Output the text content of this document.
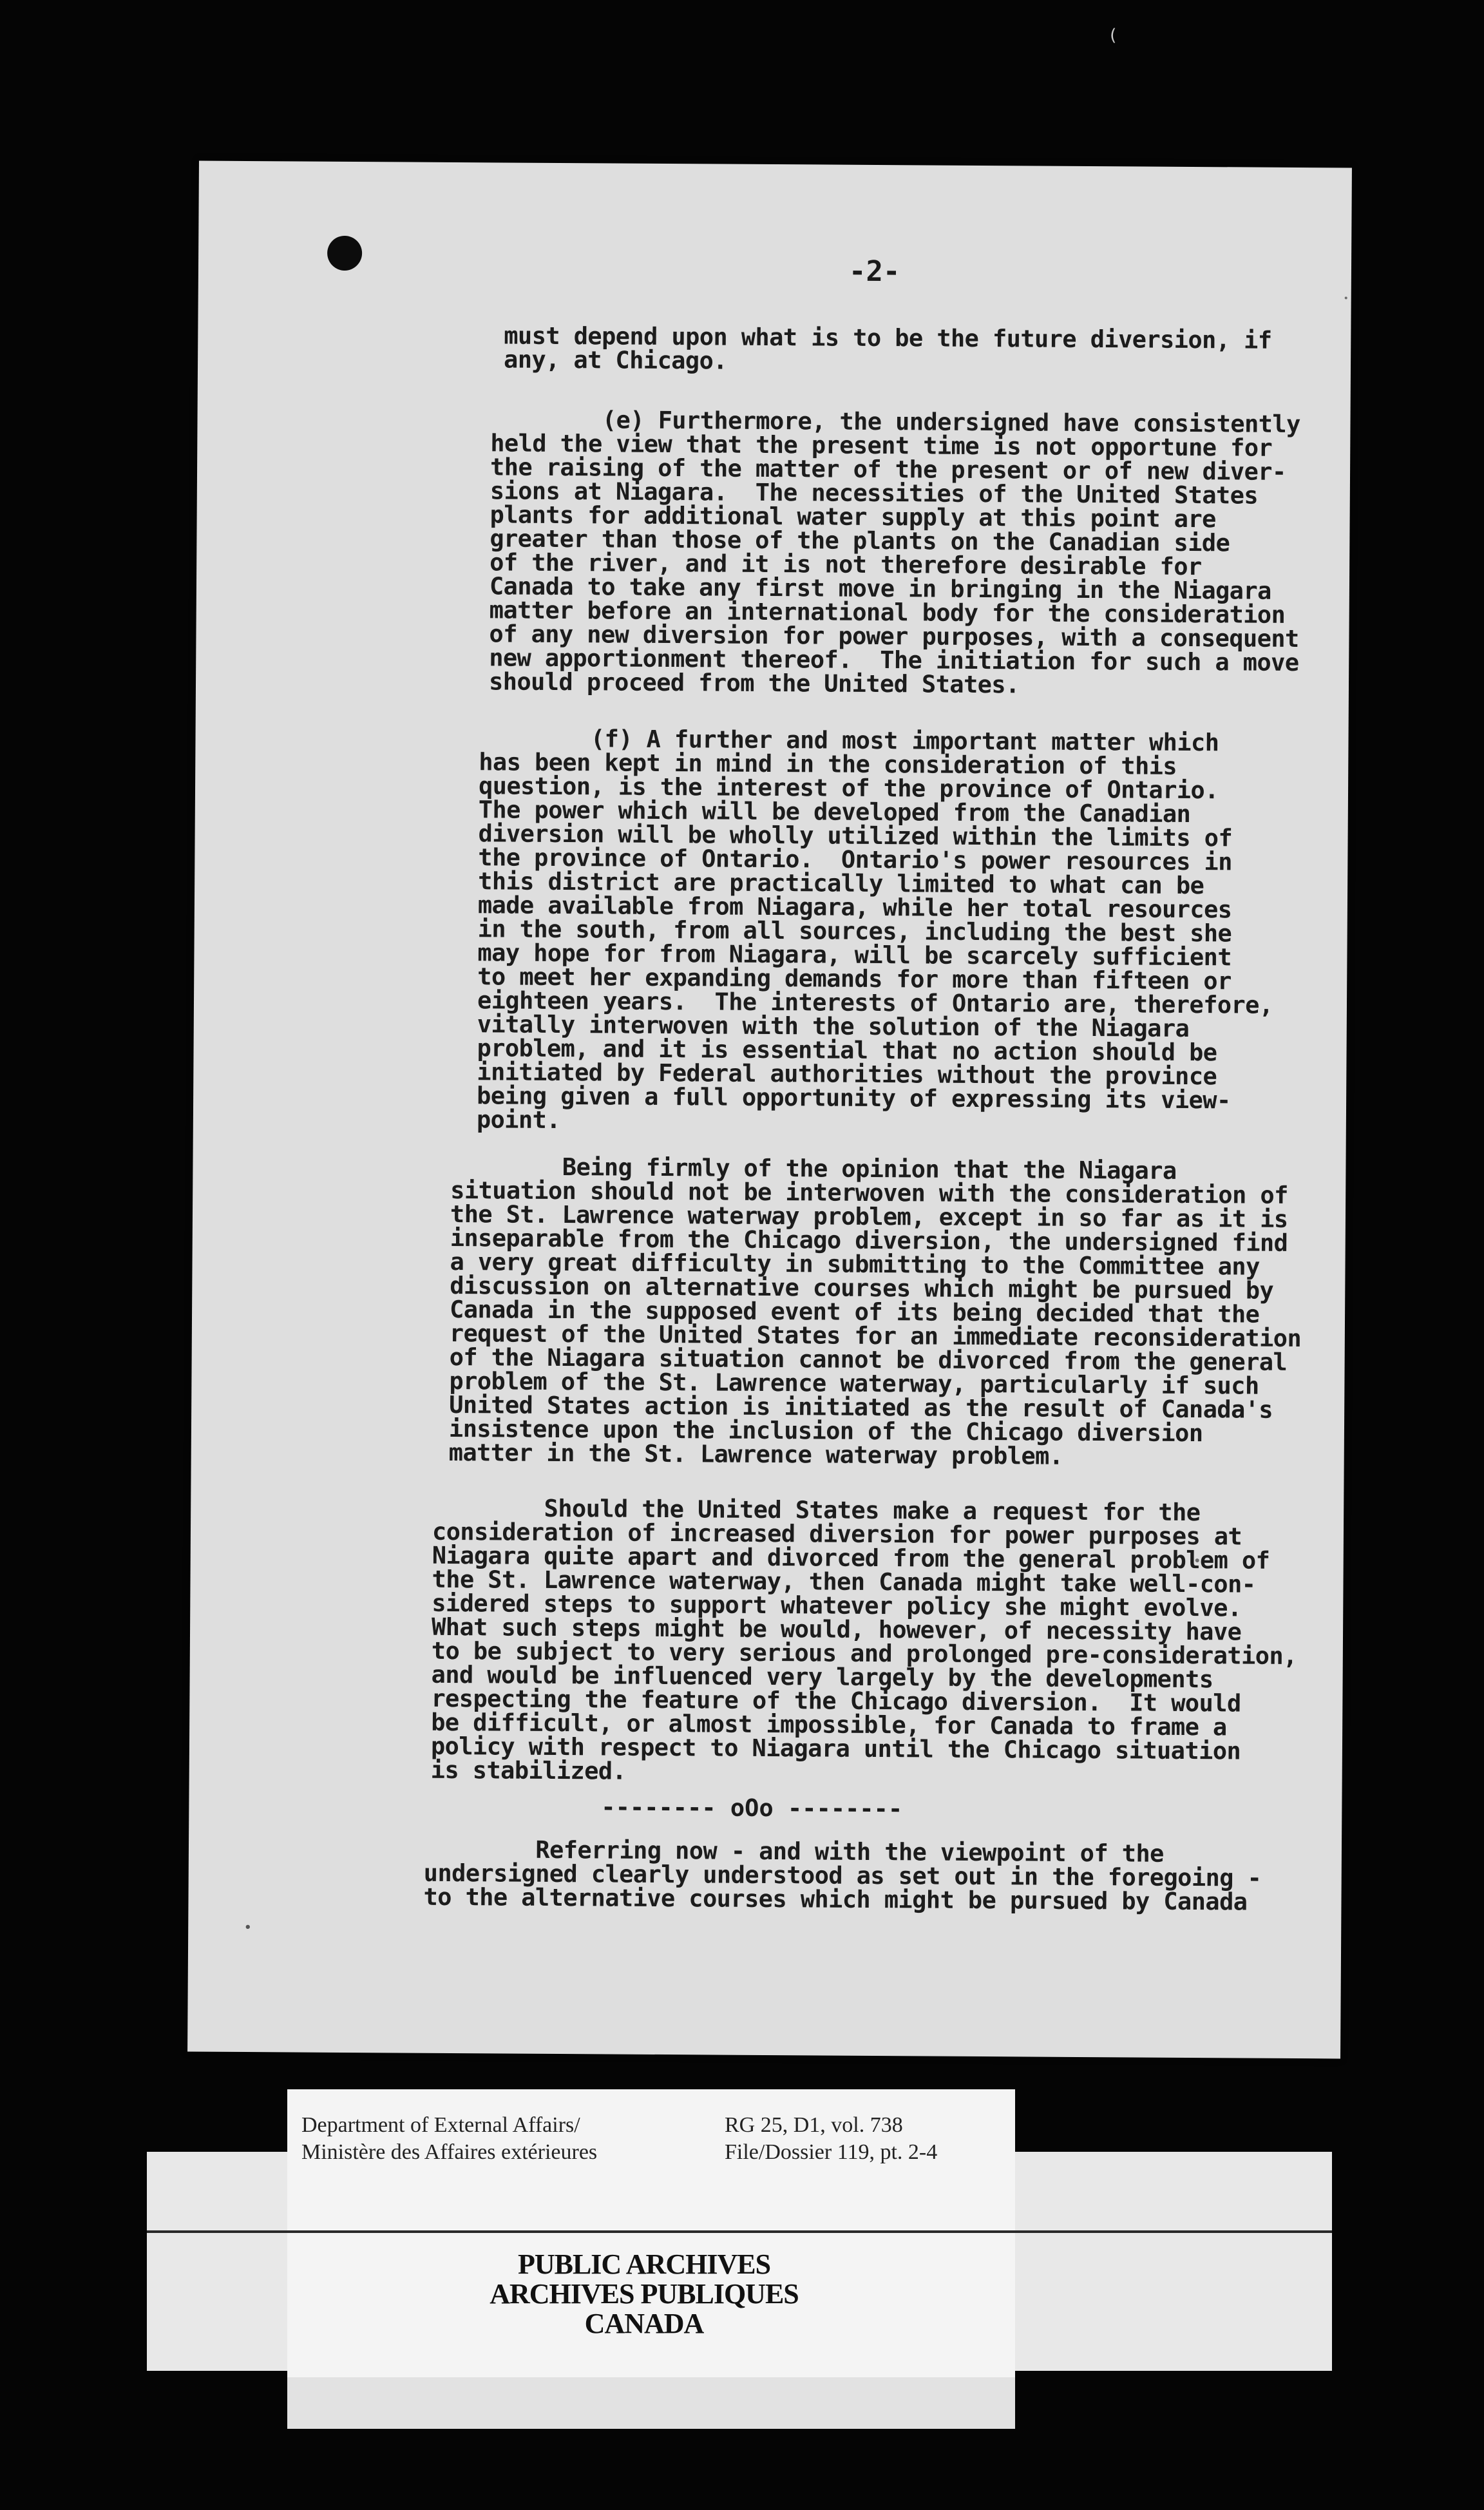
-2-
must depend upon what is to be the future diversion, if
any, at Chicago.
(e) Furthermore, the undersigned have consistently
held the view that the present time is not opportune for
the raising of the matter of the present or of new diver-
sions at Niagara.  The necessities of the United States
plants for additional water supply at this point are
greater than those of the plants on the Canadian side
of the river, and it is not therefore desirable for
Canada to take any first move in bringing in the Niagara
matter before an international body for the consideration
of any new diversion for power purposes, with a consequent
new apportionment thereof.  The initiation for such a move
should proceed from the United States.
(f) A further and most important matter which
has been kept in mind in the consideration of this
question, is the interest of the province of Ontario.
The power which will be developed from the Canadian
diversion will be wholly utilized within the limits of
the province of Ontario.  Ontario's power resources in
this district are practically limited to what can be
made available from Niagara, while her total resources
in the south, from all sources, including the best she
may hope for from Niagara, will be scarcely sufficient
to meet her expanding demands for more than fifteen or
eighteen years.  The interests of Ontario are, therefore,
vitally interwoven with the solution of the Niagara
problem, and it is essential that no action should be
initiated by Federal authorities without the province
being given a full opportunity of expressing its view-
point.
Being firmly of the opinion that the Niagara
situation should not be interwoven with the consideration of
the St. Lawrence waterway problem, except in so far as it is
inseparable from the Chicago diversion, the undersigned find
a very great difficulty in submitting to the Committee any
discussion on alternative courses which might be pursued by
Canada in the supposed event of its being decided that the
request of the United States for an immediate reconsideration
of the Niagara situation cannot be divorced from the general
problem of the St. Lawrence waterway, particularly if such
United States action is initiated as the result of Canada's
insistence upon the inclusion of the Chicago diversion
matter in the St. Lawrence waterway problem.
Should the United States make a request for the
consideration of increased diversion for power purposes at
Niagara quite apart and divorced from the general problem of
the St. Lawrence waterway, then Canada might take well-con-
sidered steps to support whatever policy she might evolve.
What such steps might be would, however, of necessity have
to be subject to very serious and prolonged pre-consideration,
and would be influenced very largely by the developments
respecting the feature of the Chicago diversion.  It would
be difficult, or almost impossible, for Canada to frame a
policy with respect to Niagara until the Chicago situation
is stabilized.
Referring now - and with the viewpoint of the
undersigned clearly understood as set out in the foregoing -
to the alternative courses which might be pursued by Canada
-------- oOo --------
•
(
Department of External Affairs/
Ministère des Affaires extérieures
RG 25, D1, vol. 738
File/Dossier 119, pt. 2-4
PUBLIC ARCHIVES
ARCHIVES PUBLIQUES
CANADA
